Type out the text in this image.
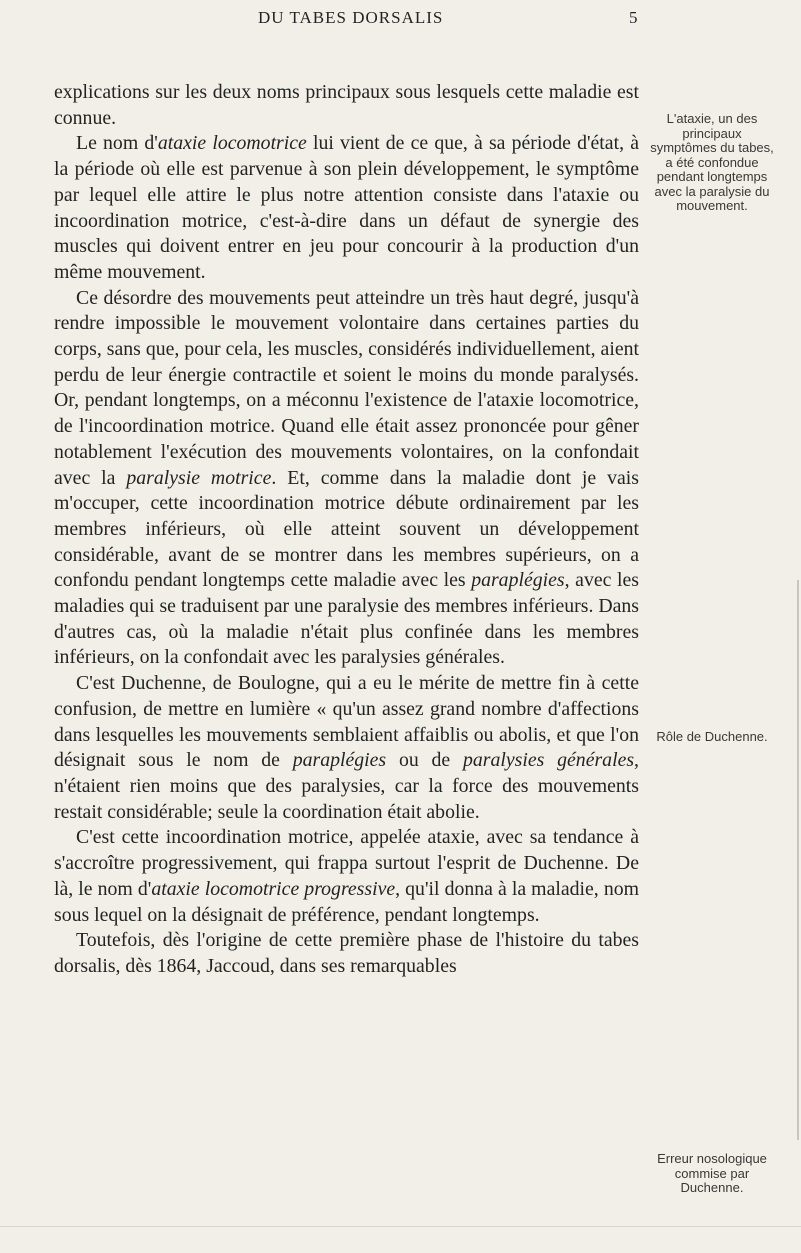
DU TABES DORSALIS	5

explications sur les deux noms principaux sous lesquels cette maladie est connue.

Le nom d'ataxie locomotrice lui vient de ce que, à sa période d'état, à la période où elle est parvenue à son plein développement, le symptôme par lequel elle attire le plus notre attention consiste dans l'ataxie ou incoordination motrice, c'est-à-dire dans un défaut de synergie des muscles qui doivent entrer en jeu pour concourir à la production d'un même mouvement.

Ce désordre des mouvements peut atteindre un très haut degré, jusqu'à rendre impossible le mouvement volontaire dans certaines parties du corps, sans que, pour cela, les muscles, considérés individuellement, aient perdu de leur énergie contractile et soient le moins du monde paralysés. Or, pendant longtemps, on a méconnu l'existence de l'ataxie locomotrice, de l'incoordination motrice. Quand elle était assez prononcée pour gêner notablement l'exécution des mouvements volontaires, on la confondait avec la paralysie motrice. Et, comme dans la maladie dont je vais m'occuper, cette incoordination motrice débute ordinairement par les membres inférieurs, où elle atteint souvent un développement considérable, avant de se montrer dans les membres supérieurs, on a confondu pendant longtemps cette maladie avec les paraplégies, avec les maladies qui se traduisent par une paralysie des membres inférieurs. Dans d'autres cas, où la maladie n'était plus confinée dans les membres inférieurs, on la confondait avec les paralysies générales.

C'est Duchenne, de Boulogne, qui a eu le mérite de mettre fin à cette confusion, de mettre en lumière « qu'un assez grand nombre d'affections dans lesquelles les mouvements semblaient affaiblis ou abolis, et que l'on désignait sous le nom de paraplégies ou de paralysies générales, n'étaient rien moins que des paralysies, car la force des mouvements restait considérable; seule la coordination était abolie.

C'est cette incoordination motrice, appelée ataxie, avec sa tendance à s'accroître progressivement, qui frappa surtout l'esprit de Duchenne. De là, le nom d'ataxie locomotrice progressive, qu'il donna à la maladie, nom sous lequel on la désignait de préférence, pendant longtemps.

Toutefois, dès l'origine de cette première phase de l'histoire du tabes dorsalis, dès 1864, Jaccoud, dans ses remarquables

L'ataxie, un des principaux symptômes du tabes, a été confondue pendant longtemps avec la paralysie du mouvement.
Rôle de Duchenne.
Erreur nosologique commise par Duchenne.
